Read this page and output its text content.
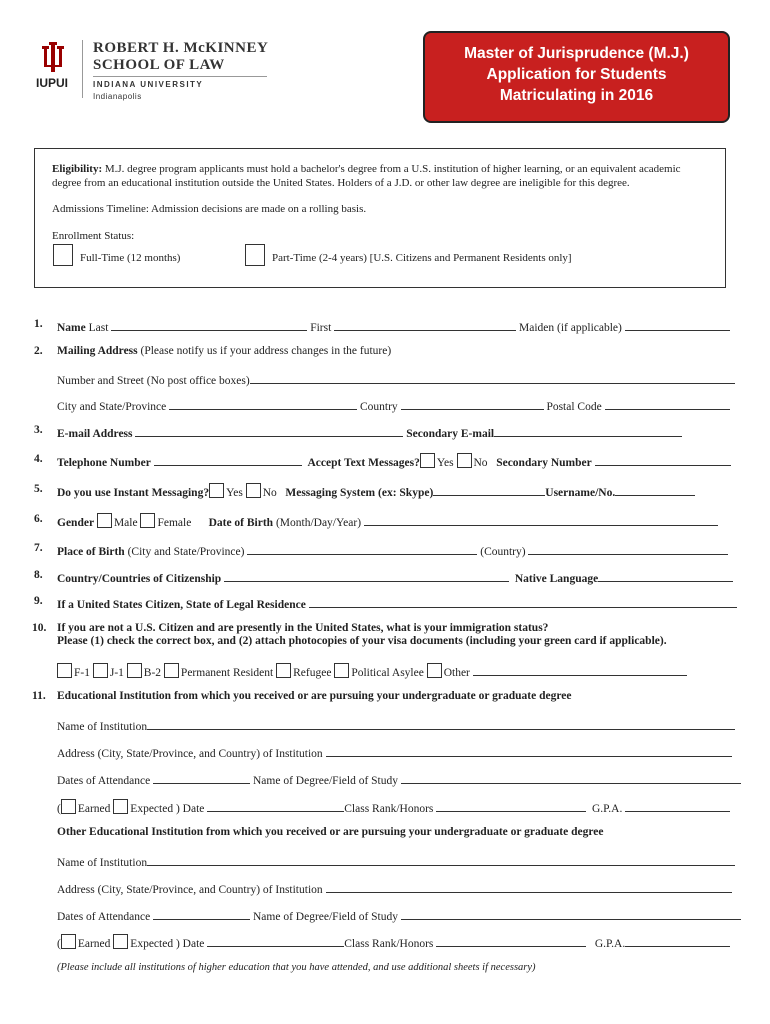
IUPUI
ROBERT H. McKINNEY
SCHOOL OF LAW
INDIANA UNIVERSITY
Indianapolis
Master of Jurisprudence (M.J.)
Application for Students
Matriculating in 2016
Eligibility: M.J. degree program applicants must hold a bachelor's degree from a U.S. institution of higher learning, or an equivalent academic
degree from an educational institution outside the United States. Holders of a J.D. or other law degree are ineligible for this degree.
Admissions Timeline: Admission decisions are made on a rolling basis.
Enrollment Status:
Full-Time (12 months)	Part-Time (2-4 years) [U.S. Citizens and Permanent Residents only]
1. Name Last	First	Maiden (if applicable)
2. Mailing Address (Please notify us if your address changes in the future)
Number and Street (No post office boxes)
City and State/Province	Country	Postal Code
3. E-mail Address	Secondary E-mail
4. Telephone Number	Accept Text Messages? Yes No Secondary Number
5. Do you use Instant Messaging? Yes No Messaging System (ex: Skype)	Username/No.
6. Gender Male Female Date of Birth (Month/Day/Year)
7. Place of Birth (City and State/Province)	(Country)
8. Country/Countries of Citizenship	Native Language
9. If a United States Citizen, State of Legal Residence
10. If you are not a U.S. Citizen and are presently in the United States, what is your immigration status?
Please (1) check the correct box, and (2) attach photocopies of your visa documents (including your green card if applicable).
F-1 J-1 B-2 Permanent Resident Refugee Political Asylee Other
11. Educational Institution from which you received or are pursuing your undergraduate or graduate degree
Name of Institution
Address (City, State/Province, and Country) of Institution
Dates of Attendance	Name of Degree/Field of Study
( Earned Expected ) Date	Class Rank/Honors	G.P.A.
Other Educational Institution from which you received or are pursuing your undergraduate or graduate degree
Name of Institution
Address (City, State/Province, and Country) of Institution
Dates of Attendance	Name of Degree/Field of Study
( Earned Expected ) Date	Class Rank/Honors	G.P.A.
(Please include all institutions of higher education that you have attended, and use additional sheets if necessary)
